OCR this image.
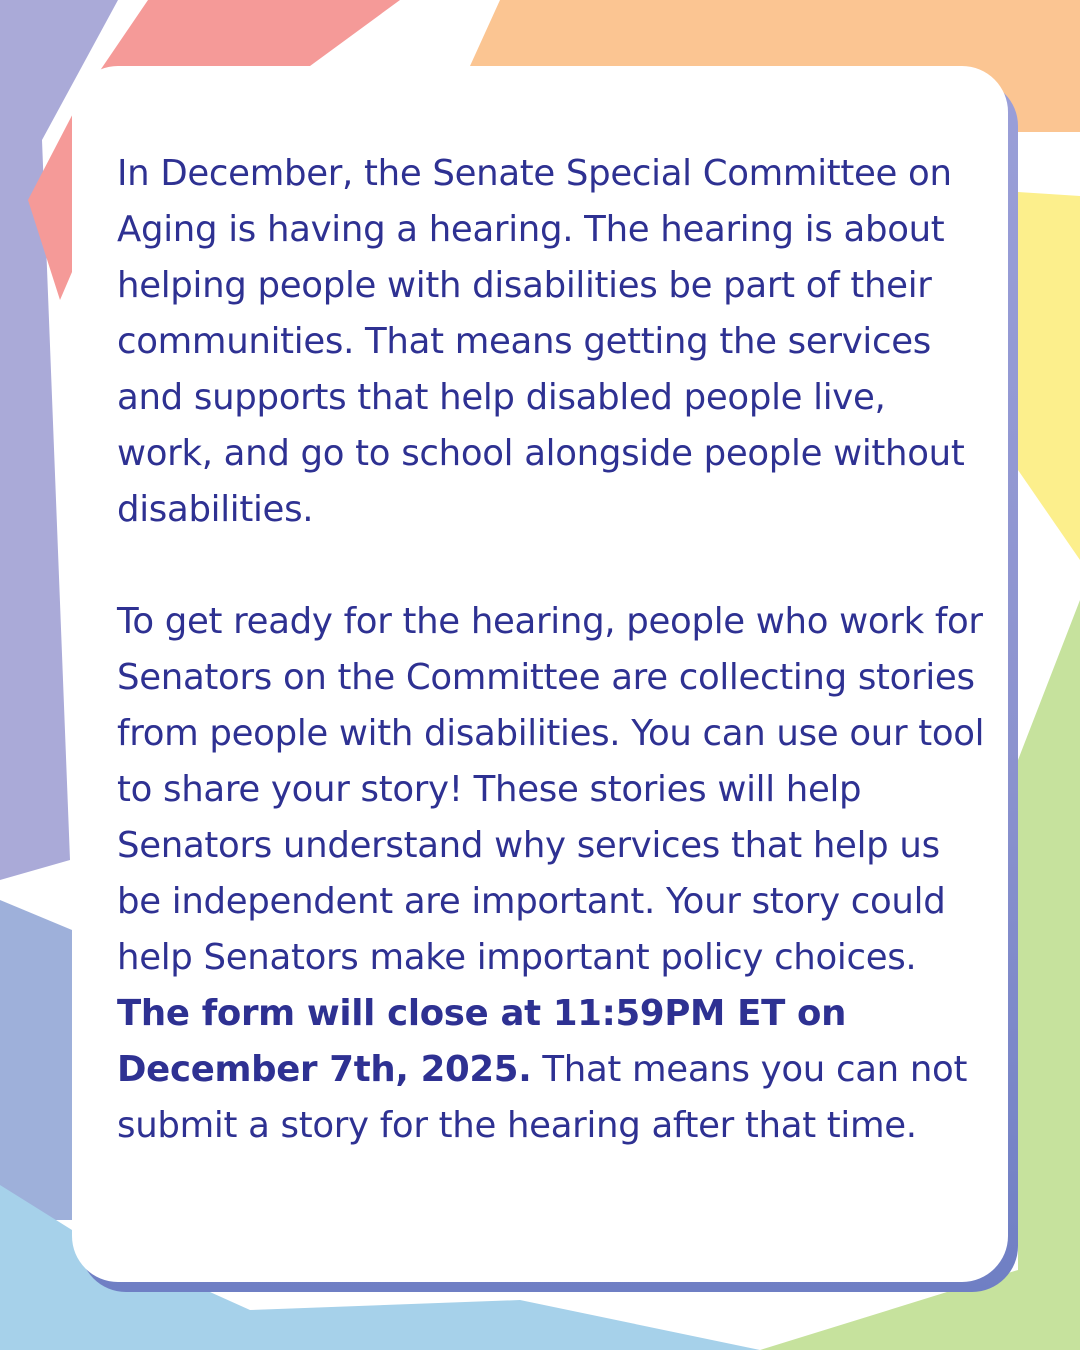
In December, the Senate Special Committee on Aging is having a hearing. The hearing is about helping people with disabilities be part of their communities. That means getting the services and supports that help disabled people live, work, and go to school alongside people without disabilities.

To get ready for the hearing, people who work for Senators on the Committee are collecting stories from people with disabilities. You can use our tool to share your story! These stories will help Senators understand why services that help us be independent are important. Your story could help Senators make important policy choices. The form will close at 11:59PM ET on December 7th, 2025. That means you can not submit a story for the hearing after that time.
